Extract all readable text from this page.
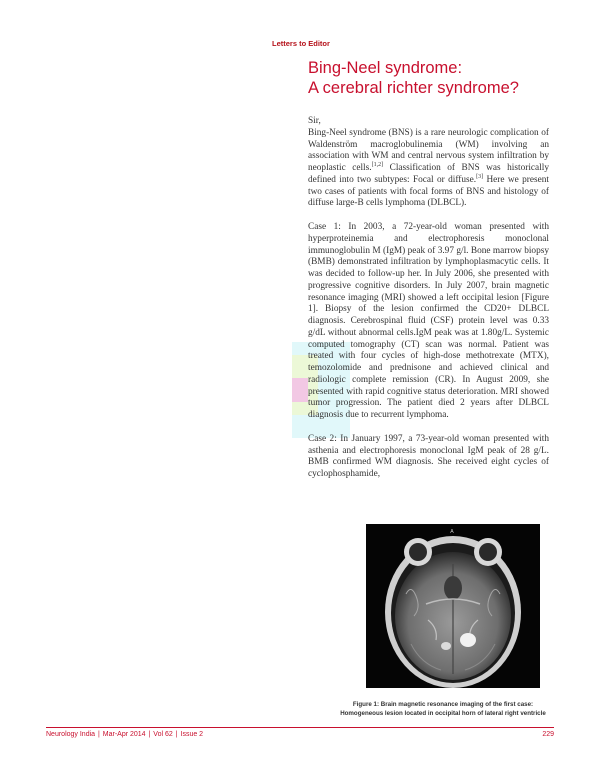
Letters to Editor
Bing-Neel syndrome:
A cerebral richter syndrome?

Sir,

Bing-Neel syndrome (BNS) is a rare neurologic complication of Waldenström macroglobulinemia (WM) involving an association with WM and central nervous system infiltration by neoplastic cells.[1,2] Classification of BNS was historically defined into two subtypes: Focal or diffuse.[3] Here we present two cases of patients with focal forms of BNS and histology of diffuse large-B cells lymphoma (DLBCL).

Case 1: In 2003, a 72-year-old woman presented with hyperproteinemia and electrophoresis monoclonal immunoglobulin M (IgM) peak of 3.97 g/l. Bone marrow biopsy (BMB) demonstrated infiltration by lymphoplasmacytic cells. It was decided to follow-up her. In July 2006, she presented with progressive cognitive disorders. In July 2007, brain magnetic resonance imaging (MRI) showed a left occipital lesion [Figure 1]. Biopsy of the lesion confirmed the CD20+ DLBCL diagnosis. Cerebrospinal fluid (CSF) protein level was 0.33 g/dL without abnormal cells.IgM peak was at 1.80g/L. Systemic computed tomography (CT) scan was normal. Patient was treated with four cycles of high-dose methotrexate (MTX), temozolomide and prednisone and achieved clinical and radiologic complete remission (CR). In August 2009, she presented with rapid cognitive status deterioration. MRI showed tumor progression. The patient died 2 years after DLBCL diagnosis due to recurrent lymphoma.

Case 2: In January 1997, a 73-year-old woman presented with asthenia and electrophoresis monoclonal IgM peak of 28 g/L. BMB confirmed WM diagnosis. She received eight cycles of cyclophosphamide,

A
Figure 1: Brain magnetic resonance imaging of the first case:
Homogeneous lesion located in occipital horn of lateral right ventricle
Neurology India | Mar-Apr 2014 | Vol 62 | Issue 2	229
